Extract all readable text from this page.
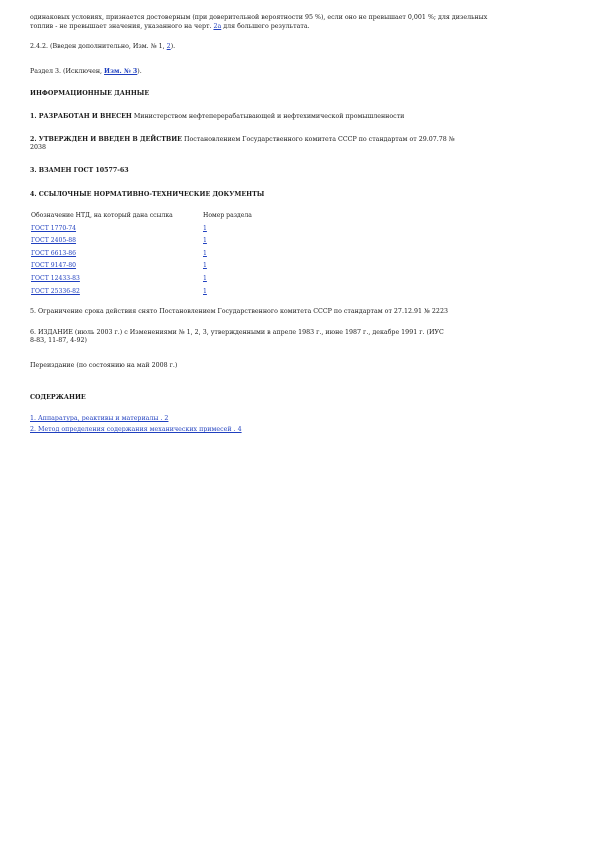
одинаковых условиях, признается достоверным (при доверительной вероятности 95 %), если оно не превышает 0,001 %; для дизельных
топлив - не превышает значения, указанного на черт. 2а для большего результата.

2.4.2. (Введен дополнительно, Изм. № 1, 2).

Раздел 3. (Исключен, Изм. № 3).

ИНФОРМАЦИОННЫЕ ДАННЫЕ

1. РАЗРАБОТАН И ВНЕСЕН Министерством нефтеперерабатывающей и нефтехимической промышленности

2. УТВЕРЖДЕН И ВВЕДЕН В ДЕЙСТВИЕ Постановлением Государственного комитета СССР по стандартам от 29.07.78 №
2038

3. ВЗАМЕН ГОСТ 10577-63

4. ССЫЛОЧНЫЕ НОРМАТИВНО-ТЕХНИЧЕСКИЕ ДОКУМЕНТЫ

Обозначение НТД, на который дана ссылка	Номер раздела
ГОСТ 1770-74	1
ГОСТ 2405-88	1
ГОСТ 6613-86	1
ГОСТ 9147-80	1
ГОСТ 12433-83	1
ГОСТ 25336-82	1

5. Ограничение срока действия снято Постановлением Государственного комитета СССР по стандартам от 27.12.91 № 2223

6. ИЗДАНИЕ (июль 2003 г.) с Изменениями № 1, 2, 3, утвержденными в апреле 1983 г., июне 1987 г., декабре 1991 г. (ИУС
8-83, 11-87, 4-92)

Переиздание (по состоянию на май 2008 г.)

СОДЕРЖАНИЕ

1. Аппаратура, реактивы и материалы . 2

2. Метод определения содержания механических примесей . 4
